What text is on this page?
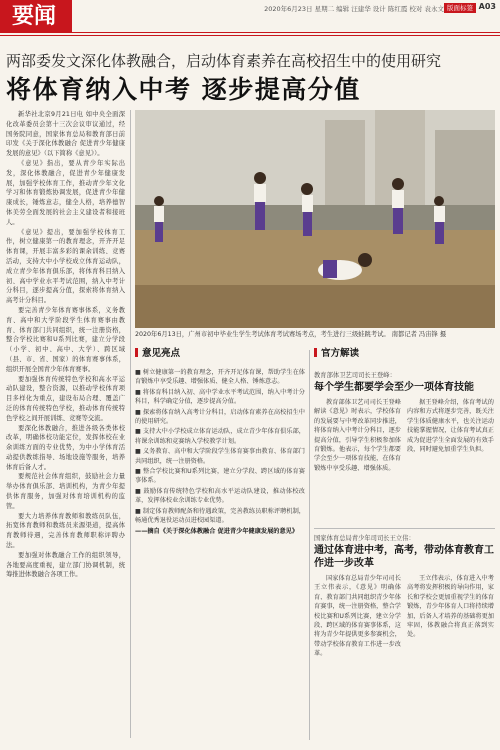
要闻	2020年6月23日 星期二 编辑 汪建华 设计 陈红霞 校对 袁永文 版面标签 A03
两部委发文深化体教融合，启动体育素养在高校招生中的使用研究
将体育纳入中考 逐步提高分值

新华社北京9月21日电 如中央全面深化改革委员会第十三次会议审议通过，经国务院同意，国家体育总局和教育部日前印发《关于深化体教融合 促进青少年健康发展的意见》（以下简称《意见》）。

《意见》指出，要从青少年实际出发，深化体教融合，促进青少年健康发展，加强学校体育工作，推动青少年文化学习和体育锻炼协调发展，促进青少年健康成长，锤炼意志，健全人格，培养德智体美劳全面发展的社会主义建设者和接班人。

《意见》提出，要加强学校体育工作，树立健康第一的教育理念，开齐开足体育课，开展丰富多彩的课余训练、竞赛活动，支持大中小学校成立体育运动队，成立青少年体育俱乐部，将体育科目纳入初、高中学业水平考试范围，纳入中考计分科目，逐步提高分值，探索将体育纳入高考计分科目。

要完善青少年体育赛事体系，义务教育、高中和大学阶段学生体育赛事由教育、体育部门共同组织，统一注册资格，整合学校比赛和U系列比赛，建立分学段（小学、初中、高中、大学）、跨区域（县、市、省、国家）的体育赛事体系，组织开展全国青少年体育赛事。

要加强体育传统特色学校和高水平运动队建设，整合资源，以推动学校体育项目多样化为重点，建设布局合理、覆盖广泛的体育传统特色学校，推动体育传统特色学校之间开展训练、竞赛等交流。

要深化体教融合，推进各级各类体校改革，明确体校功能定位，发挥体校在业余训练方面的专业优势，为中小学体育活动提供教练指导、场地设施等服务，培养体育后备人才。

要规范社会体育组织，鼓励社会力量举办体育俱乐部、培训机构，为青少年提供体育服务，加强对体育培训机构的监管。

要大力培养体育教师和教练员队伍，拓宽体育教师和教练员来源渠道，提高体育教师待遇，完善体育教师职称评聘办法。

要加强对体教融合工作的组织领导，各地要高度重视，建立部门协调机制，统筹推进体教融合各项工作。

2020年6月13日，广州市初中毕业生学生考试体育考试赛场考点，考生进行三级蛙跳考试。 南都记者 冯宙锋 摄
意见亮点

■ 树立健康第一的教育理念，开齐开足体育课，帮助学生在体育锻炼中享受乐趣、增强体质、健全人格、锤炼意志。

■ 将体育科目纳入初、高中学业水平考试范围，纳入中考计分科目，科学确定分值，逐步提高分值。

■ 探索将体育纳入高考计分科目，启动体育素养在高校招生中的使用研究。

■ 支持大中小学校成立体育运动队，成立青少年体育俱乐部，将课余训练和竞赛纳入学校教学计划。

■ 义务教育、高中和大学阶段学生体育赛事由教育、体育部门共同组织，统一注册资格。

■ 整合学校比赛和U系列比赛，建立分学段、跨区域的体育赛事体系。

■ 鼓励体育传统特色学校和高水平运动队建设，推动体校改革，发挥体校业余训练专业优势。

■ 制定体育教师配备和待遇政策，完善教练员职称评聘机制，畅通优秀退役运动员进校园渠道。

——摘自《关于深化体教融合 促进青少年健康发展的意见》

官方解读
教育部体卫艺司司长王登峰：
每个学生都要学会至少一项体育技能

教育部体卫艺司司长王登峰解读《意见》时表示，学校体育的发展要与中考改革同步推进，将体育纳入中考计分科目，逐步提高分值，引导学生积极参加体育锻炼。他表示，每个学生都要学会至少一项体育技能，在体育锻炼中享受乐趣、增强体质。

据王登峰介绍，体育考试的内容和方式将逐步完善，既关注学生体质健康水平，也关注运动技能掌握情况，让体育考试真正成为促进学生全面发展的有效手段，同时避免加重学生负担。

国家体育总局青少年司司长王立伟：
通过体育进中考，高考，带动体育教育工作进一步改革

国家体育总局青少年司司长王立伟表示，《意见》明确体育、教育部门共同组织青少年体育赛事，统一注册资格，整合学校比赛和U系列比赛，建立分学段、跨区域的体育赛事体系，这将为青少年提供更多参赛机会，带动学校体育教育工作进一步改革。

王立伟表示，体育进入中考高考将发挥积极的导向作用，家长和学校会更加重视学生的体育锻炼，青少年体育人口将持续增加，后备人才培养的基础将更加牢固，体教融合将真正落到实处。
